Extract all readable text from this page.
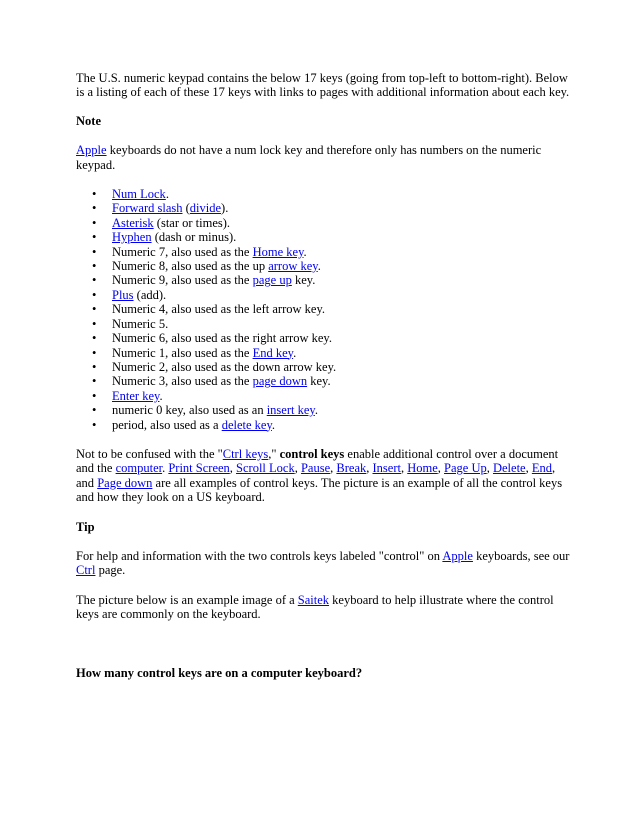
The U.S. numeric keypad contains the below 17 keys (going from top-left to bottom-right). Below is a listing of each of these 17 keys with links to pages with additional information about each key.

Note

Apple keyboards do not have a num lock key and therefore only has numbers on the numeric keypad.

• Num Lock.
• Forward slash (divide).
• Asterisk (star or times).
• Hyphen (dash or minus).
• Numeric 7, also used as the Home key.
• Numeric 8, also used as the up arrow key.
• Numeric 9, also used as the page up key.
• Plus (add).
• Numeric 4, also used as the left arrow key.
• Numeric 5.
• Numeric 6, also used as the right arrow key.
• Numeric 1, also used as the End key.
• Numeric 2, also used as the down arrow key.
• Numeric 3, also used as the page down key.
• Enter key.
• numeric 0 key, also used as an insert key.
• period, also used as a delete key.

Not to be confused with the "Ctrl keys," control keys enable additional control over a document and the computer. Print Screen, Scroll Lock, Pause, Break, Insert, Home, Page Up, Delete, End, and Page down are all examples of control keys. The picture is an example of all the control keys and how they look on a US keyboard.

Tip

For help and information with the two controls keys labeled "control" on Apple keyboards, see our Ctrl page.

The picture below is an example image of a Saitek keyboard to help illustrate where the control keys are commonly on the keyboard.

How many control keys are on a computer keyboard?
